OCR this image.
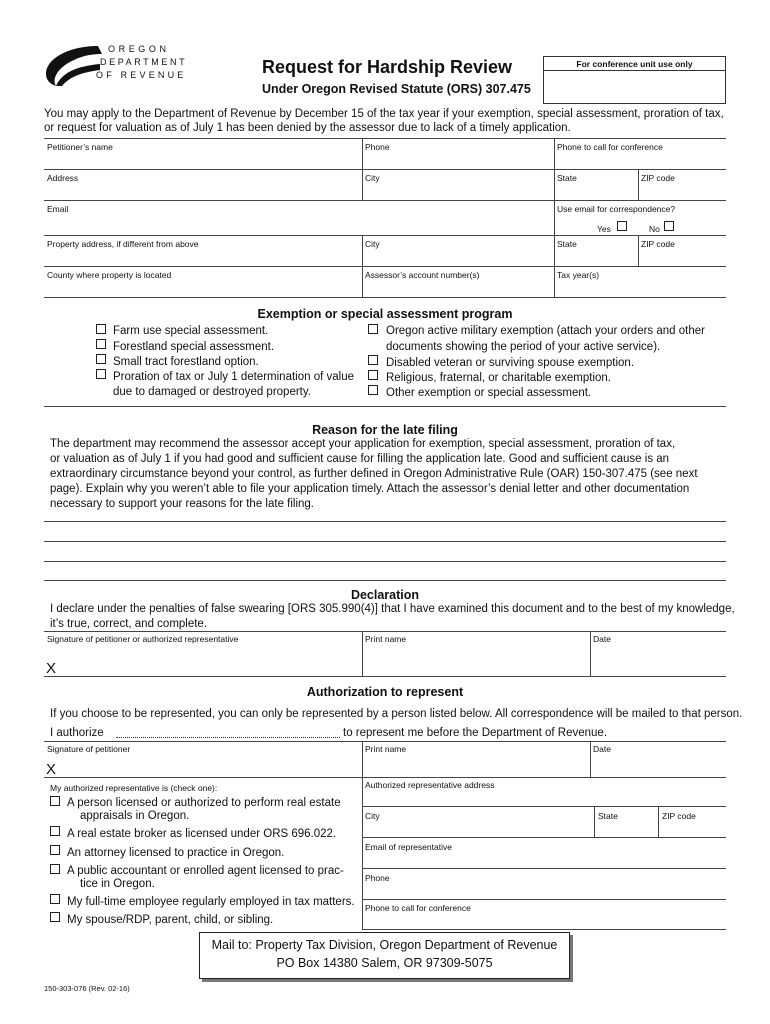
OREGON
DEPARTMENT
OF REVENUE	Request for Hardship Review
Under Oregon Revised Statute (ORS) 307.475
For conference unit use only
You may apply to the Department of Revenue by December 15 of the tax year if your exemption, special assessment, proration of tax,
or request for valuation as of July 1 has been denied by the assessor due to lack of a timely application.
Petitioner’s name	Phone	Phone to call for conference
Address	City	State	ZIP code
Email	Use email for correspondence?
Yes	No
Property address, if different from above	City	State	ZIP code
County where property is located	Assessor’s account number(s)	Tax year(s)
Exemption or special assessment program
Farm use special assessment.
Forestland special assessment.
Small tract forestland option.
Proration of tax or July 1 determination of value
due to damaged or destroyed property.
Oregon active military exemption (attach your orders and other
documents showing the period of your active service).
Disabled veteran or surviving spouse exemption.
Religious, fraternal, or charitable exemption.
Other exemption or special assessment.
Reason for the late filing
The department may recommend the assessor accept your application for exemption, special assessment, proration of tax,
or valuation as of July 1 if you had good and sufficient cause for filling the application late. Good and sufficient cause is an
extraordinary circumstance beyond your control, as further defined in Oregon Administrative Rule (OAR) 150-307.475 (see next
page). Explain why you weren’t able to file your application timely. Attach the assessor’s denial letter and other documentation
necessary to support your reasons for the late filing.
Declaration
I declare under the penalties of false swearing [ORS 305.990(4)] that I have examined this document and to the best of my knowledge,
it’s true, correct, and complete.
Signature of petitioner or authorized representative	Print name	Date
X
Authorization to represent
If you choose to be represented, you can only be represented by a person listed below. All correspondence will be mailed to that person.
I authorize	to represent me before the Department of Revenue.
Signature of petitioner	Print name	Date
X
My authorized representative is (check one):
A person licensed or authorized to perform real estate
appraisals in Oregon.
A real estate broker as licensed under ORS 696.022.
An attorney licensed to practice in Oregon.
A public accountant or enrolled agent licensed to prac-
tice in Oregon.
My full-time employee regularly employed in tax matters.
My spouse/RDP, parent, child, or sibling.
Authorized representative address
City	State	ZIP code
Email of representative
Phone
Phone to call for conference
Mail to: Property Tax Division, Oregon Department of Revenue
PO Box 14380 Salem, OR 97309-5075
150-303-076 (Rev. 02-16)
